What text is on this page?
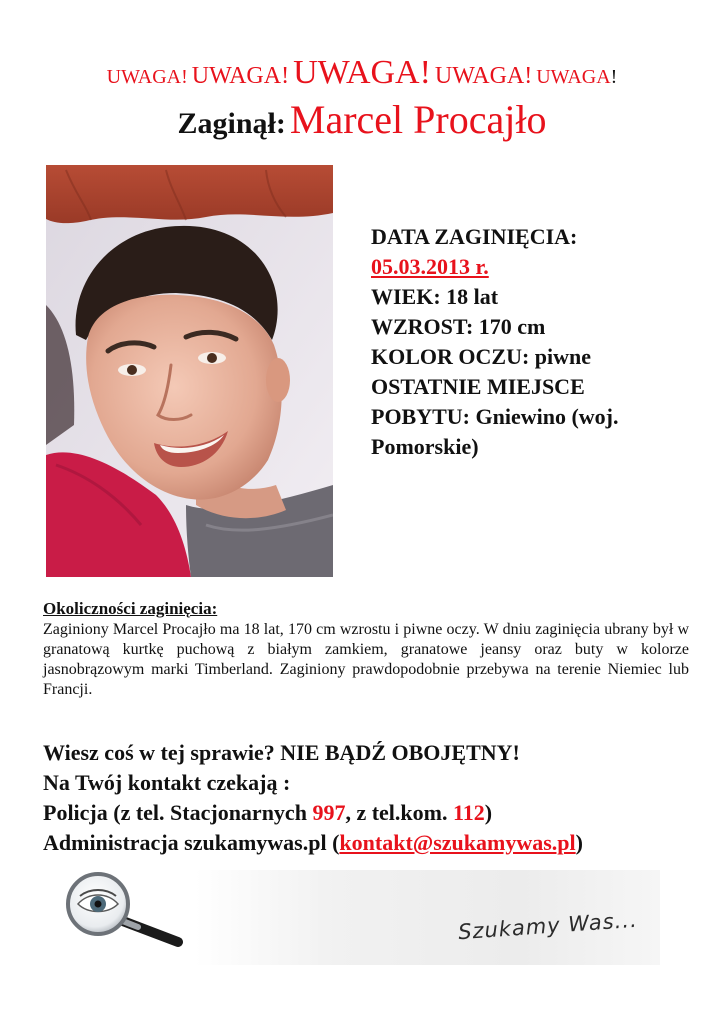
UWAGA! UWAGA! UWAGA! UWAGA! UWAGA!
Zaginął: Marcel Procajło
DATA ZAGINIĘCIA:
05.03.2013 r.
WIEK: 18 lat
WZROST: 170 cm
KOLOR OCZU: piwne
OSTATNIE MIEJSCE
POBYTU: Gniewino (woj.
Pomorskie)
Okoliczności zaginięcia:
Zaginiony Marcel Procajło ma 18 lat, 170 cm wzrostu i piwne oczy. W dniu zaginięcia ubrany był w granatową kurtkę puchową z białym zamkiem, granatowe jeansy oraz buty w kolorze jasnobrązowym marki Timberland. Zaginiony prawdopodobnie przebywa na terenie Niemiec lub Francji.
Wiesz coś w tej sprawie? NIE BĄDŹ OBOJĘTNY!
Na Twój kontakt czekają :
Policja (z tel. Stacjonarnych 997, z tel.kom. 112)
Administracja szukamywas.pl (kontakt@szukamywas.pl)
Szukamy Was...
